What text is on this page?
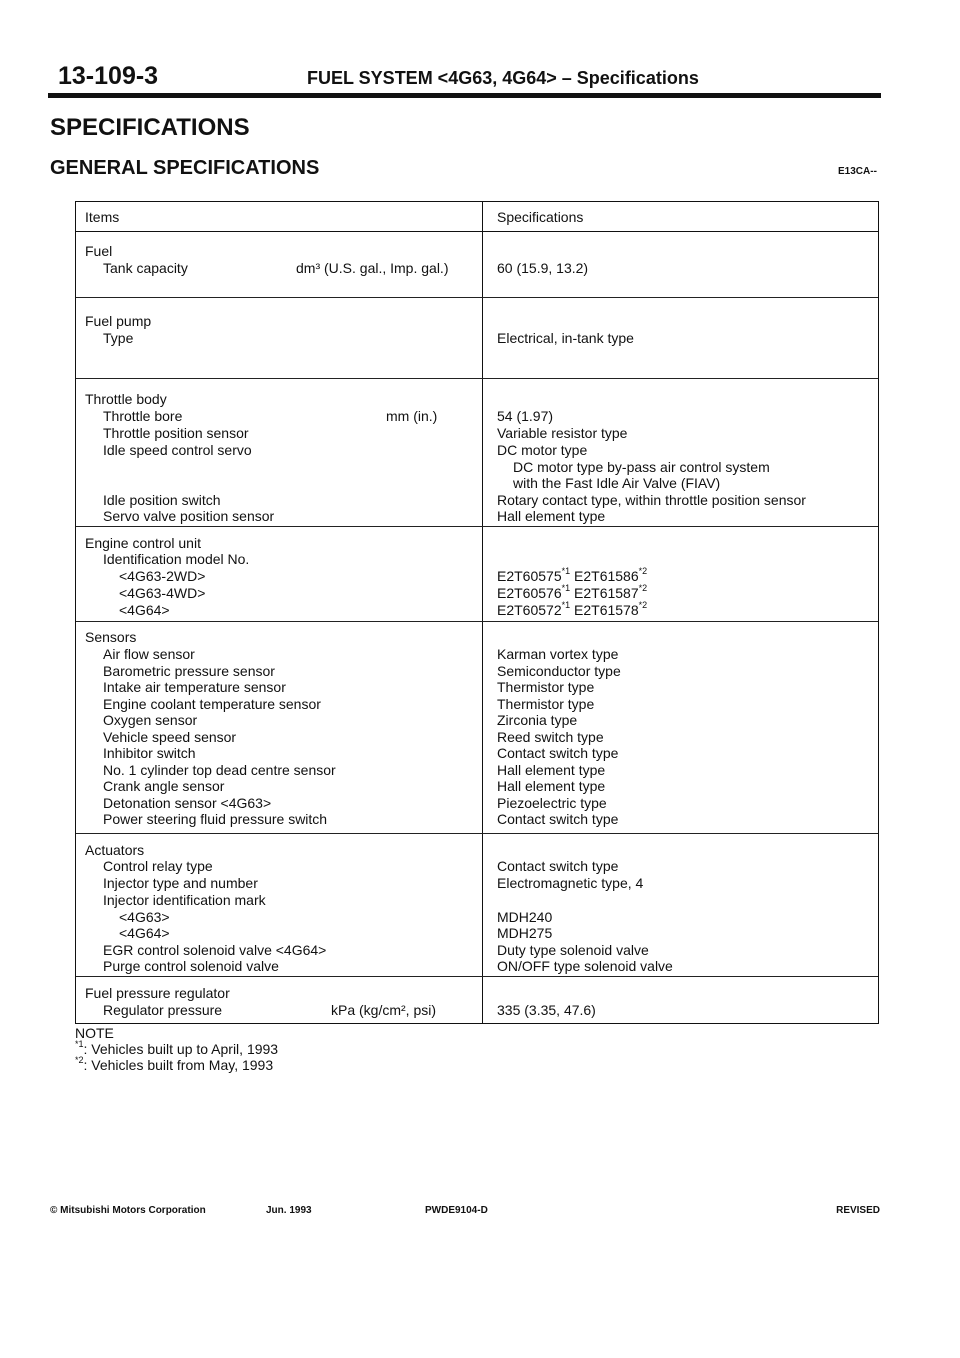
13-109-3	FUEL SYSTEM <4G63, 4G64> – Specifications
SPECIFICATIONS
GENERAL SPECIFICATIONS	E13CA--
Items	Specifications
Fuel
Tank capacity	dm³ (U.S. gal., Imp. gal.)	60 (15.9, 13.2)
Fuel pump
Type	Electrical, in-tank type
Throttle body
Throttle bore	mm (in.)	54 (1.97)
Throttle position sensor	Variable resistor type
Idle speed control servo	DC motor type
DC motor type by-pass air control system
with the Fast Idle Air Valve (FIAV)
Idle position switch	Rotary contact type, within throttle position sensor
Servo valve position sensor	Hall element type
Engine control unit
Identification model No.
<4G63-2WD>	$E2T60575^{*1}$ $E2T61586^{*2}$
<4G63-4WD>	$E2T60576^{*1}$ $E2T61587^{*2}$
<4G64>	$E2T60572^{*1}$ E2T61578$^{*2}$
Sensors
Air flow sensor	Karman vortex type
Barometric pressure sensor	Semiconductor type
Intake air temperature sensor	Thermistor type
Engine coolant temperature sensor	Thermistor type
Oxygen sensor	Zirconia type
Vehicle speed sensor	Reed switch type
Inhibitor switch	Contact switch type
No. 1 cylinder top dead centre sensor	Hall element type
Crank angle sensor	Hall element type
Detonation sensor <4G63>	Piezoelectric type
Power steering fluid pressure switch	Contact switch type
Actuators
Control relay type	Contact switch type
Injector type and number	Electromagnetic type, 4
Injector identification mark
<4G63>	MDH240
<4G64>	MDH275
EGR control solenoid valve <4G64>	Duty type solenoid valve
Purge control solenoid valve	ON/OFF type solenoid valve
Fuel pressure regulator
Regulator pressure	kPa (kg/cm², psi)	335 (3.35, 47.6)
NOTE
$^{*1}$: Vehicles built up to April, 1993
$^{*2}$: Vehicles built from May, 1993
© Mitsubishi Motors Corporation	Jun. 1993	PWDE9104-D	REVISED
